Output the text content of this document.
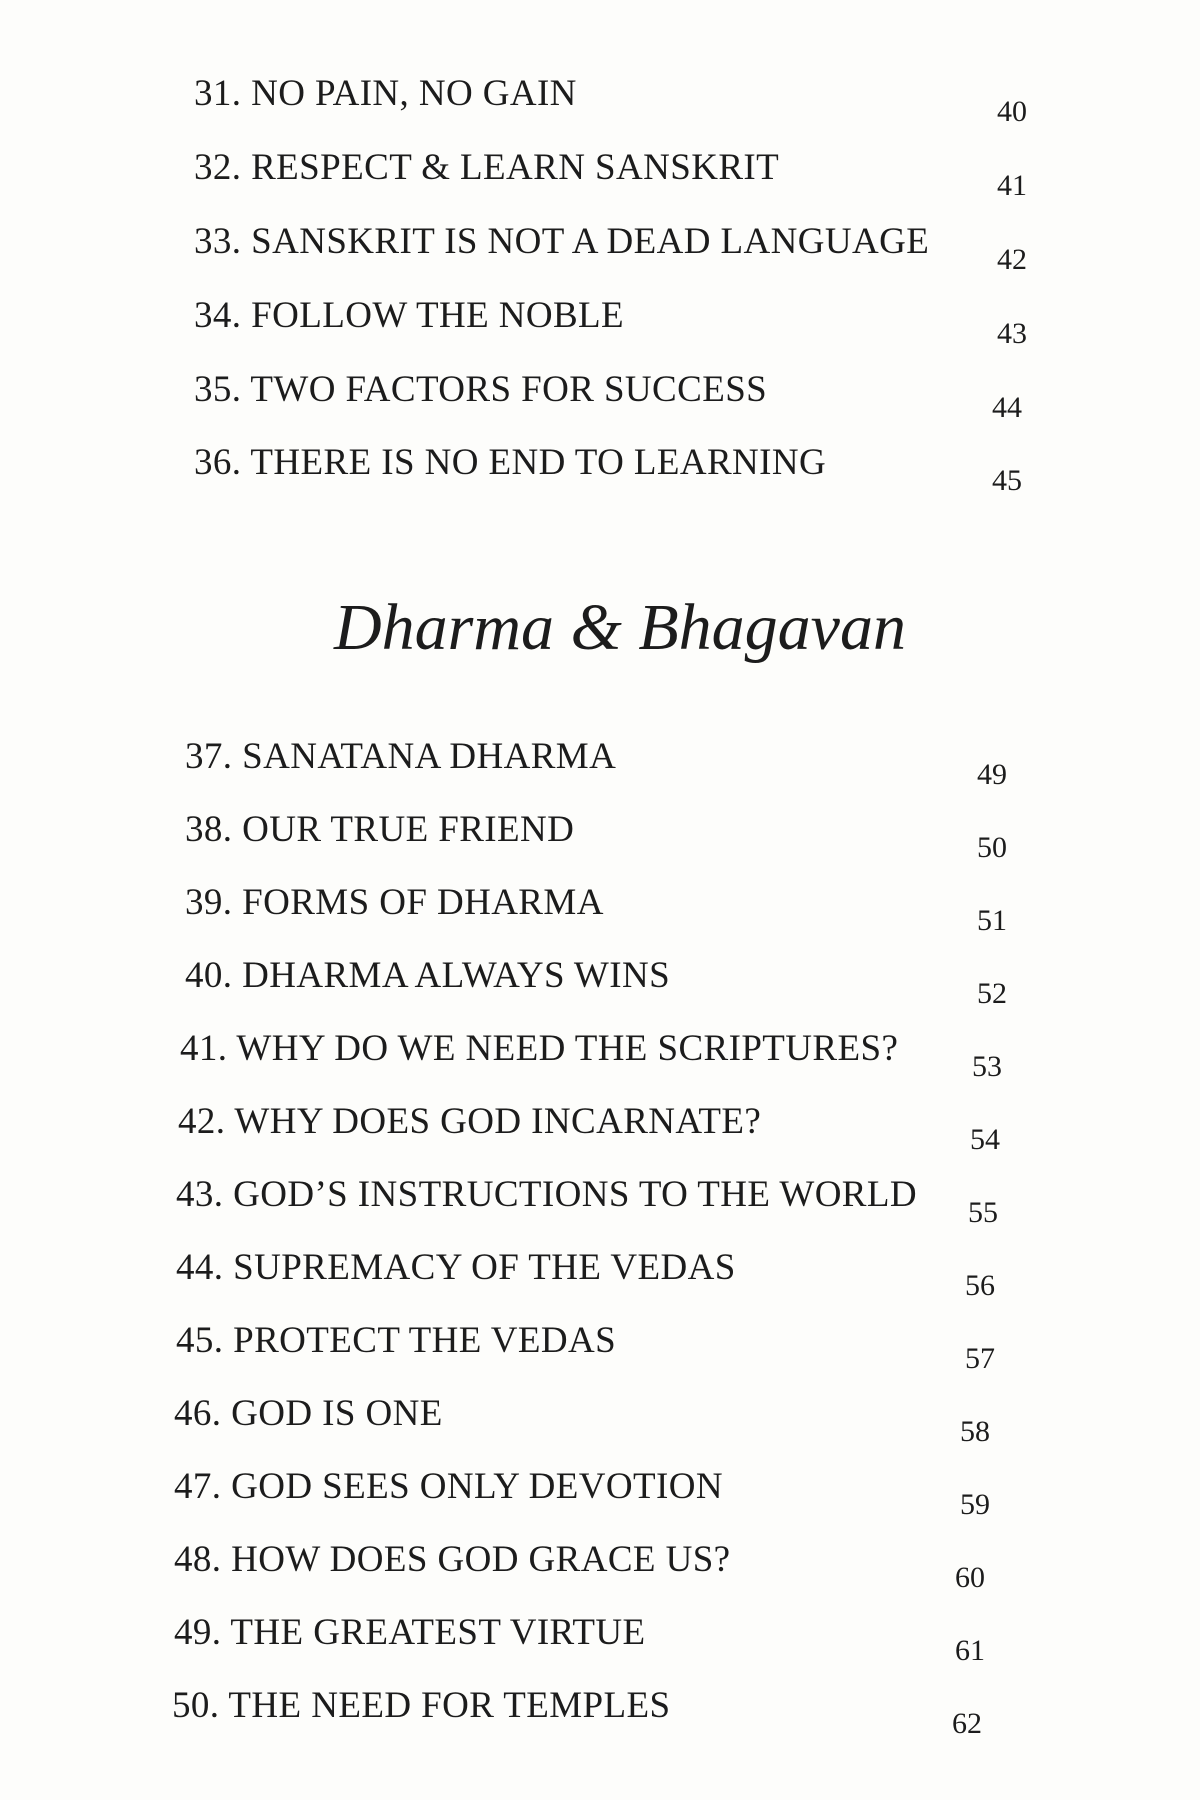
31. NO PAIN, NO GAIN	40
32. RESPECT & LEARN SANSKRIT	41
33. SANSKRIT IS NOT A DEAD LANGUAGE 42
34. FOLLOW THE NOBLE	43
35. TWO FACTORS FOR SUCCESS	44
36. THERE IS NO END TO LEARNING	45
37. SANATANA DHARMA	49
38. OUR TRUE FRIEND	50
39. FORMS OF DHARMA	51
40. DHARMA ALWAYS WINS	52
41. WHY DO WE NEED THE SCRIPTURES? 53
42. WHY DOES GOD INCARNATE?	54
43. GOD’S INSTRUCTIONS TO THE WORLD 55
44. SUPREMACY OF THE VEDAS	56
45. PROTECT THE VEDAS	57
46. GOD IS ONE	58
47. GOD SEES ONLY DEVOTION	59
48. HOW DOES GOD GRACE US?	60
49. THE GREATEST VIRTUE	61
50. THE NEED FOR TEMPLES	62
Dharma & Bhagavan
